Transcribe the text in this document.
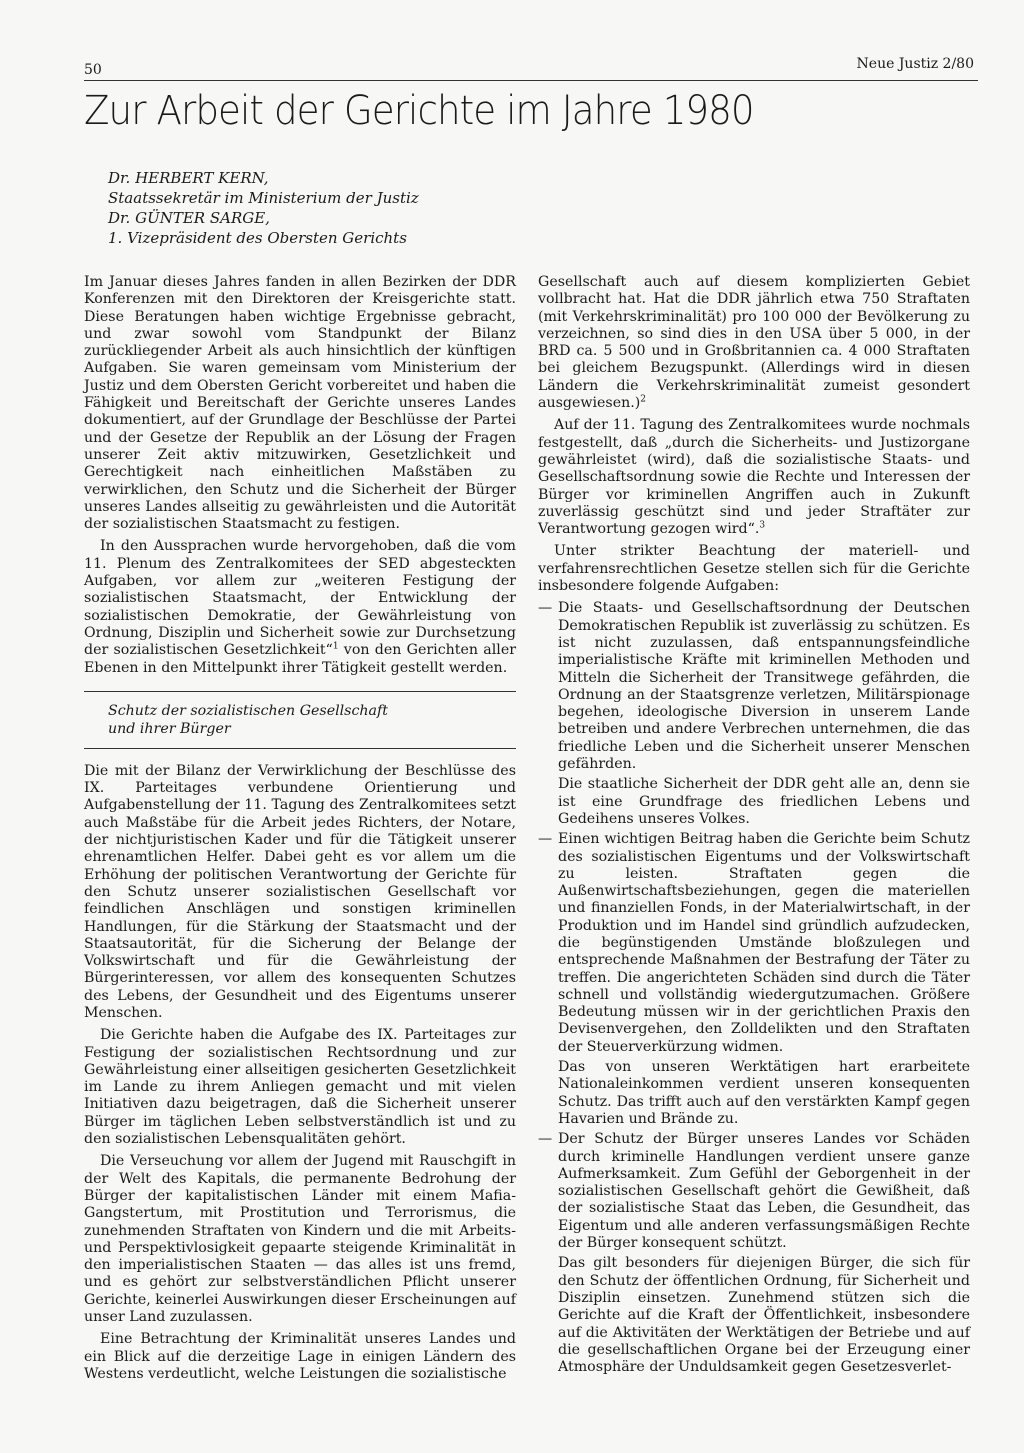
50	Neue Justiz 2/80
Zur Arbeit der Gerichte im Jahre 1980
Dr. HERBERT KERN,
Staatssekretär im Ministerium der Justiz
Dr. GÜNTER SARGE,
1. Vizepräsident des Obersten Gerichts

Im Januar dieses Jahres fanden in allen Bezirken der DDR Konferenzen mit den Direktoren der Kreisgerichte statt. Diese Beratungen haben wichtige Ergebnisse gebracht, und zwar sowohl vom Standpunkt der Bilanz zurückliegender Arbeit als auch hinsichtlich der künftigen Aufgaben. Sie waren gemeinsam vom Ministerium der Justiz und dem Obersten Gericht vorbereitet und haben die Fähigkeit und Bereitschaft der Gerichte unseres Landes dokumentiert, auf der Grundlage der Beschlüsse der Partei und der Gesetze der Republik an der Lösung der Fragen unserer Zeit aktiv mitzuwirken, Gesetzlichkeit und Gerechtigkeit nach einheitlichen Maßstäben zu verwirklichen, den Schutz und die Sicherheit der Bürger unseres Landes allseitig zu gewährleisten und die Autorität der sozialistischen Staatsmacht zu festigen.

In den Aussprachen wurde hervorgehoben, daß die vom 11. Plenum des Zentralkomitees der SED abgesteckten Aufgaben, vor allem zur „weiteren Festigung der sozialistischen Staatsmacht, der Entwicklung der sozialistischen Demokratie, der Gewährleistung von Ordnung, Disziplin und Sicherheit sowie zur Durchsetzung der sozialistischen Gesetzlichkeit“$^1$ von den Gerichten aller Ebenen in den Mittelpunkt ihrer Tätigkeit gestellt werden.

Schutz der sozialistischen Gesellschaft
und ihrer Bürger

Die mit der Bilanz der Verwirklichung der Beschlüsse des IX. Parteitages verbundene Orientierung und Aufgabenstellung der 11. Tagung des Zentralkomitees setzt auch Maßstäbe für die Arbeit jedes Richters, der Notare, der nichtjuristischen Kader und für die Tätigkeit unserer ehrenamtlichen Helfer. Dabei geht es vor allem um die Erhöhung der politischen Verantwortung der Gerichte für den Schutz unserer sozialistischen Gesellschaft vor feindlichen Anschlägen und sonstigen kriminellen Handlungen, für die Stärkung der Staatsmacht und der Staatsautorität, für die Sicherung der Belange der Volkswirtschaft und für die Gewährleistung der Bürgerinteressen, vor allem des konsequenten Schutzes des Lebens, der Gesundheit und des Eigentums unserer Menschen.

Die Gerichte haben die Aufgabe des IX. Parteitages zur Festigung der sozialistischen Rechtsordnung und zur Gewährleistung einer allseitigen gesicherten Gesetzlichkeit im Lande zu ihrem Anliegen gemacht und mit vielen Initiativen dazu beigetragen, daß die Sicherheit unserer Bürger im täglichen Leben selbstverständlich ist und zu den sozialistischen Lebensqualitäten gehört.

Die Verseuchung vor allem der Jugend mit Rauschgift in der Welt des Kapitals, die permanente Bedrohung der Bürger der kapitalistischen Länder mit einem Mafia-Gangstertum, mit Prostitution und Terrorismus, die zunehmenden Straftaten von Kindern und die mit Arbeits- und Perspektivlosigkeit gepaarte steigende Kriminalität in den imperialistischen Staaten — das alles ist uns fremd, und es gehört zur selbstverständlichen Pflicht unserer Gerichte, keinerlei Auswirkungen dieser Erscheinungen auf unser Land zuzulassen.

Eine Betrachtung der Kriminalität unseres Landes und ein Blick auf die derzeitige Lage in einigen Ländern des Westens verdeutlicht, welche Leistungen die sozialistische

Gesellschaft auch auf diesem komplizierten Gebiet vollbracht hat. Hat die DDR jährlich etwa 750 Straftaten (mit Verkehrskriminalität) pro 100 000 der Bevölkerung zu verzeichnen, so sind dies in den USA über 5 000, in der BRD ca. 5 500 und in Großbritannien ca. 4 000 Straftaten bei gleichem Bezugspunkt. (Allerdings wird in diesen Ländern die Verkehrskriminalität zumeist gesondert ausgewiesen.)$^2$

Auf der 11. Tagung des Zentralkomitees wurde nochmals festgestellt, daß „durch die Sicherheits- und Justizorgane gewährleistet (wird), daß die sozialistische Staats- und Gesellschaftsordnung sowie die Rechte und Interessen der Bürger vor kriminellen Angriffen auch in Zukunft zuverlässig geschützt sind und jeder Straftäter zur Verantwortung gezogen wird“.$^3$

Unter strikter Beachtung der materiell- und verfahrensrechtlichen Gesetze stellen sich für die Gerichte insbesondere folgende Aufgaben:

— Die Staats- und Gesellschaftsordnung der Deutschen Demokratischen Republik ist zuverlässig zu schützen. Es ist nicht zuzulassen, daß entspannungsfeindliche imperialistische Kräfte mit kriminellen Methoden und Mitteln die Sicherheit der Transitwege gefährden, die Ordnung an der Staatsgrenze verletzen, Militärspionage begehen, ideologische Diversion in unserem Lande betreiben und andere Verbrechen unternehmen, die das friedliche Leben und die Sicherheit unserer Menschen gefährden.

Die staatliche Sicherheit der DDR geht alle an, denn sie ist eine Grundfrage des friedlichen Lebens und Gedeihens unseres Volkes.

— Einen wichtigen Beitrag haben die Gerichte beim Schutz des sozialistischen Eigentums und der Volkswirtschaft zu leisten. Straftaten gegen die Außenwirtschaftsbeziehungen, gegen die materiellen und finanziellen Fonds, in der Materialwirtschaft, in der Produktion und im Handel sind gründlich aufzudecken, die begünstigenden Umstände bloßzulegen und entsprechende Maßnahmen der Bestrafung der Täter zu treffen. Die angerichteten Schäden sind durch die Täter schnell und vollständig wiedergutzumachen. Größere Bedeutung müssen wir in der gerichtlichen Praxis den Devisenvergehen, den Zolldelikten und den Straftaten der Steuerverkürzung widmen.

Das von unseren Werktätigen hart erarbeitete Nationaleinkommen verdient unseren konsequenten Schutz. Das trifft auch auf den verstärkten Kampf gegen Havarien und Brände zu.

— Der Schutz der Bürger unseres Landes vor Schäden durch kriminelle Handlungen verdient unsere ganze Aufmerksamkeit. Zum Gefühl der Geborgenheit in der sozialistischen Gesellschaft gehört die Gewißheit, daß der sozialistische Staat das Leben, die Gesundheit, das Eigentum und alle anderen verfassungsmäßigen Rechte der Bürger konsequent schützt.

Das gilt besonders für diejenigen Bürger, die sich für den Schutz der öffentlichen Ordnung, für Sicherheit und Disziplin einsetzen. Zunehmend stützen sich die Gerichte auf die Kraft der Öffentlichkeit, insbesondere auf die Aktivitäten der Werktätigen der Betriebe und auf die gesellschaftlichen Organe bei der Erzeugung einer Atmosphäre der Unduldsamkeit gegen Gesetzesverlet-
